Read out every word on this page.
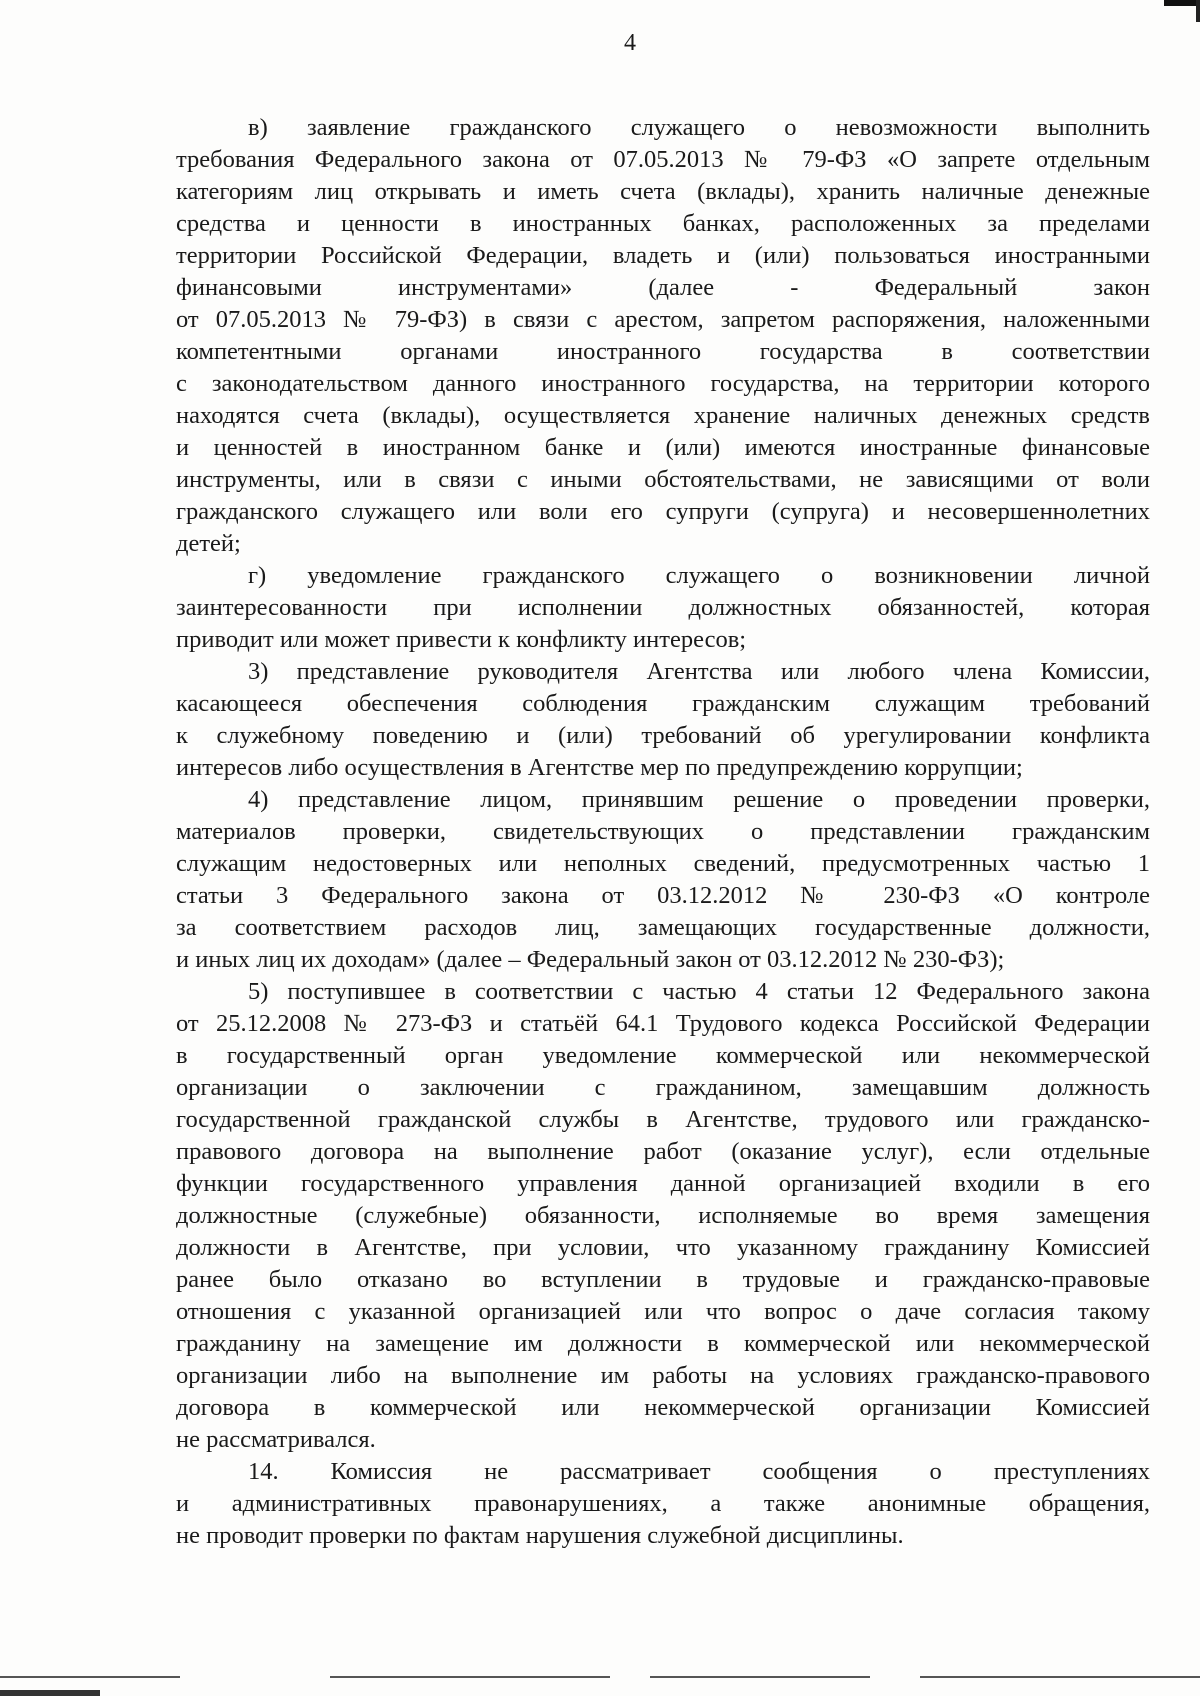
4
в) заявление гражданского служащего о невозможности выполнить
требования Федерального закона от 07.05.2013 № 79-ФЗ «О запрете отдельным
категориям лиц открывать и иметь счета (вклады), хранить наличные денежные
средства и ценности в иностранных банках, расположенных за пределами
территории Российской Федерации, владеть и (или) пользоваться иностранными
финансовыми инструментами» (далее - Федеральный закон
от 07.05.2013 № 79-ФЗ) в связи с арестом, запретом распоряжения, наложенными
компетентными органами иностранного государства в соответствии
с законодательством данного иностранного государства, на территории которого
находятся счета (вклады), осуществляется хранение наличных денежных средств
и ценностей в иностранном банке и (или) имеются иностранные финансовые
инструменты, или в связи с иными обстоятельствами, не зависящими от воли
гражданского служащего или воли его супруги (супруга) и несовершеннолетних
детей;
г) уведомление гражданского служащего о возникновении личной
заинтересованности при исполнении должностных обязанностей, которая
приводит или может привести к конфликту интересов;
3) представление руководителя Агентства или любого члена Комиссии,
касающееся обеспечения соблюдения гражданским служащим требований
к служебному поведению и (или) требований об урегулировании конфликта
интересов либо осуществления в Агентстве мер по предупреждению коррупции;
4) представление лицом, принявшим решение о проведении проверки,
материалов проверки, свидетельствующих о представлении гражданским
служащим недостоверных или неполных сведений, предусмотренных частью 1
статьи 3 Федерального закона от 03.12.2012 № 230-ФЗ «О контроле
за соответствием расходов лиц, замещающих государственные должности,
и иных лиц их доходам» (далее – Федеральный закон от 03.12.2012 № 230-ФЗ);
5) поступившее в соответствии с частью 4 статьи 12 Федерального закона
от 25.12.2008 № 273-ФЗ и статьёй 64.1 Трудового кодекса Российской Федерации
в государственный орган уведомление коммерческой или некоммерческой
организации о заключении с гражданином, замещавшим должность
государственной гражданской службы в Агентстве, трудового или гражданско-
правового договора на выполнение работ (оказание услуг), если отдельные
функции государственного управления данной организацией входили в его
должностные (служебные) обязанности, исполняемые во время замещения
должности в Агентстве, при условии, что указанному гражданину Комиссией
ранее было отказано во вступлении в трудовые и гражданско-правовые
отношения с указанной организацией или что вопрос о даче согласия такому
гражданину на замещение им должности в коммерческой или некоммерческой
организации либо на выполнение им работы на условиях гражданско-правового
договора в коммерческой или некоммерческой организации Комиссией
не рассматривался.
14. Комиссия не рассматривает сообщения о преступлениях
и административных правонарушениях, а также анонимные обращения,
не проводит проверки по фактам нарушения служебной дисциплины.
